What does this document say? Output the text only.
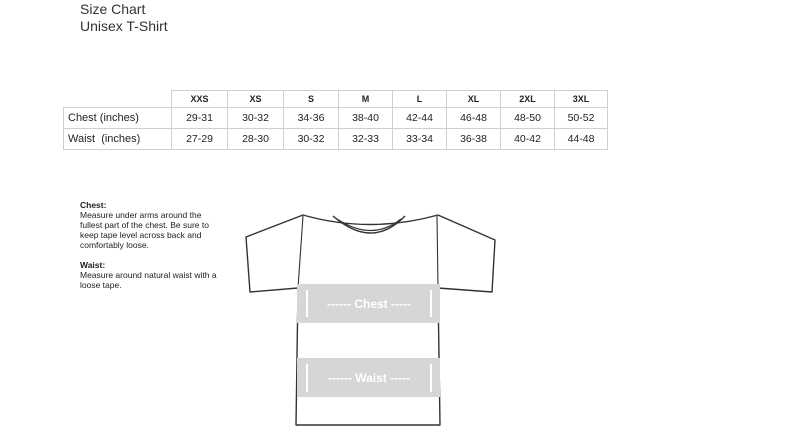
Size Chart
Unisex T-Shirt
	XXS	XS	S	M	L	XL	2XL	3XL
Chest (inches)	29-31	30-32	34-36	38-40	42-44	46-48	48-50	50-52
Waist  (inches)	27-29	28-30	30-32	32-33	33-34	36-38	40-42	44-48
Chest:
Measure under arms around the fullest part of the chest. Be sure to keep tape level across back and comfortably loose.
Waist:
Measure around natural waist with a loose tape.
------ Chest -----
------ Waist -----
